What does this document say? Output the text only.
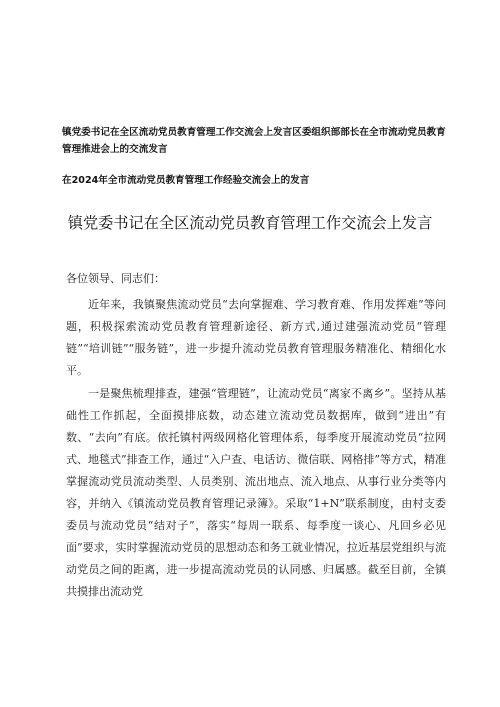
镇党委书记在全区流动党员教育管理工作交流会上发言区委组织部部长在全市流动党员教育
管理推进会上的交流发言
在2024年全市流动党员教育管理工作经验交流会上的发言
镇党委书记在全区流动党员教育管理工作交流会上发言
各位领导、同志们：

近年来，我镇聚焦流动党员“去向掌握难、学习教育难、作用发挥难”等问题，积极探索流动党员教育管理新途径、新方式,通过建强流动党员“管理链”“培训链”“服务链”，进一步提升流动党员教育管理服务精准化、精细化水平。

一是聚焦梳理排查，建强“管理链”，让流动党员“离家不离乡”。坚持从基础性工作抓起，全面摸排底数，动态建立流动党员数据库，做到“进出”有数、“去向”有底。依托镇村两级网格化管理体系，每季度开展流动党员“拉网式、地毯式”排查工作，通过“入户查、电话访、微信联、网格排”等方式，精准掌握流动党员流动类型、人员类别、流出地点、流入地点、从事行业分类等内容，并纳入《镇流动党员教育管理记录簿》。采取“1+N”联系制度，由村支委委员与流动党员“结对子”，落实“每周一联系、每季度一谈心、凡回乡必见面”要求，实时掌握流动党员的思想动态和务工就业情况，拉近基层党组织与流动党员之间的距离，进一步提高流动党员的认同感、归属感。截至目前，全镇共摸排出流动党
